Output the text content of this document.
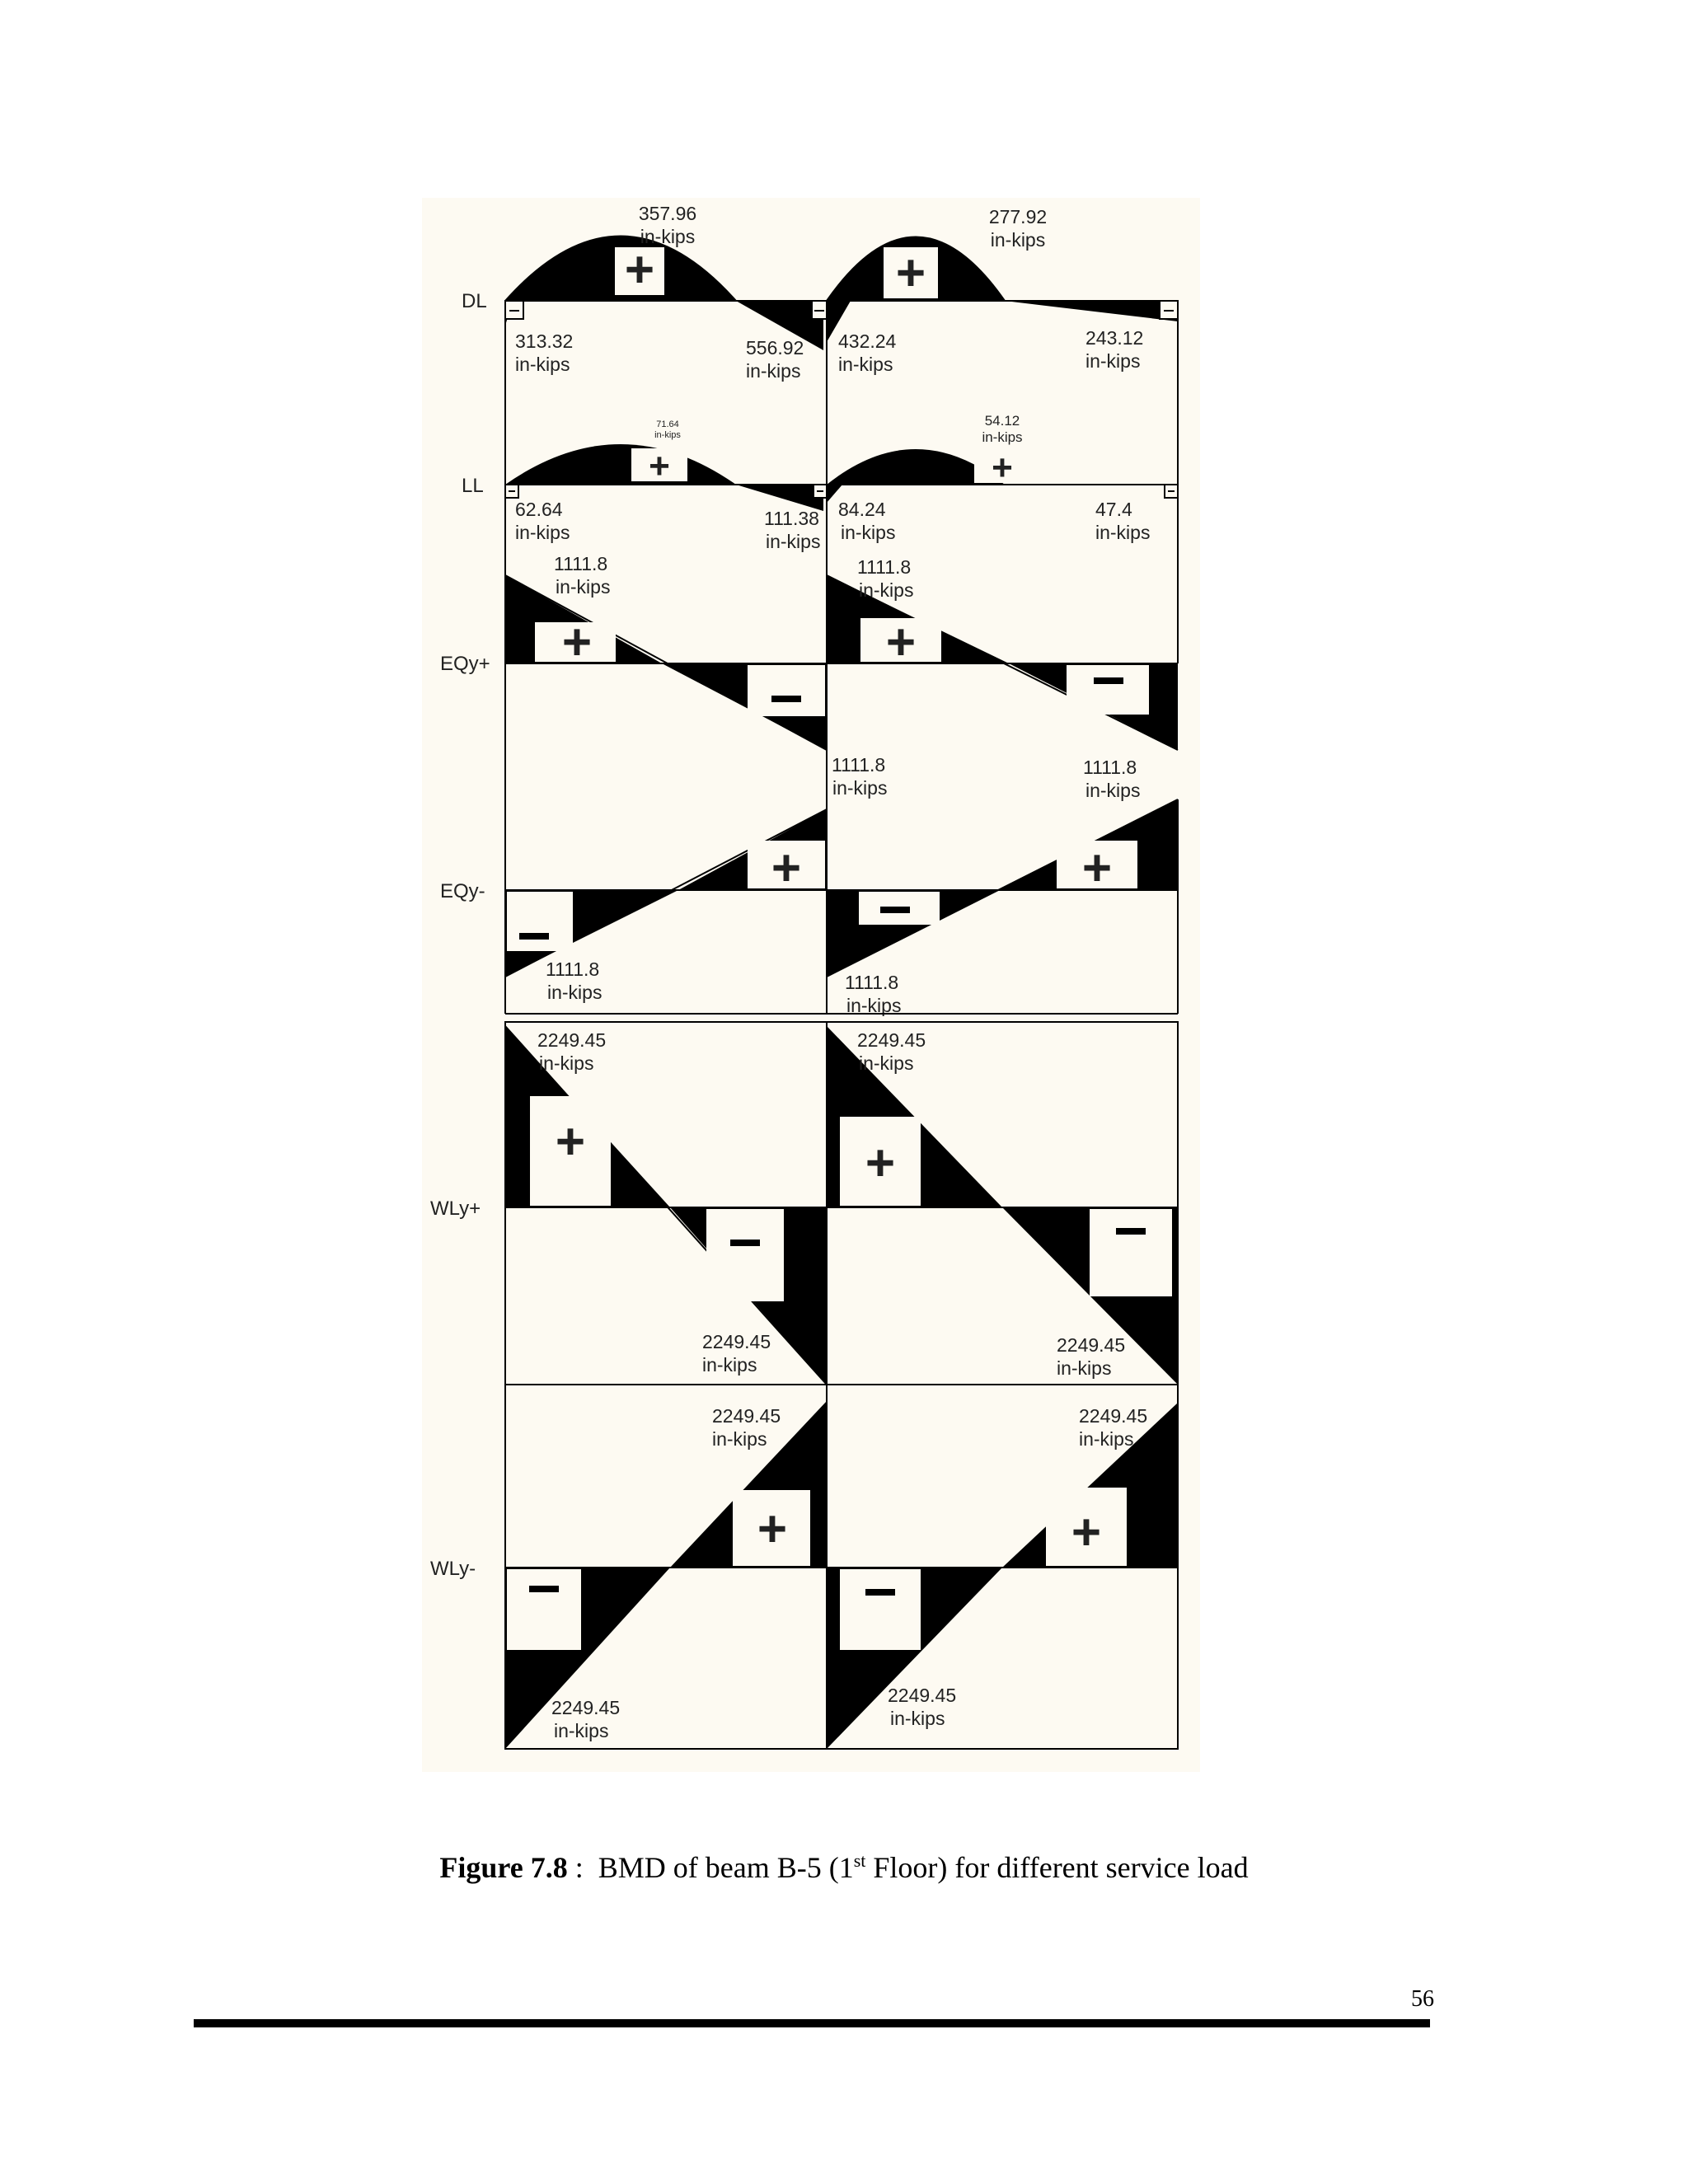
+	+
357.96
in-kips
277.92
in-kips
313.32
in-kips
556.92
in-kips
432.24
in-kips
243.12
in-kips
+	+
71.64
in-kips
54.12
in-kips
62.64
in-kips
111.38
in-kips
84.24
in-kips
47.4
in-kips
+	+
1111.8
in-kips
1111.8
in-kips
+	+
1111.8
in-kips
1111.8
in-kips
1111.8
in-kips	1111.8
in-kips
+	+
2249.45
in-kips
2249.45
in-kips
2249.45
in-kips
2249.45
in-kips
+	+
2249.45
in-kips
2249.45
in-kips
2249.45
in-kips
2249.45
in-kips
DL
LL
EQy+
EQy-
WLy+
WLy-
Figure 7.8 :  BMD of beam B-5 (1st Floor) for different service load
56
